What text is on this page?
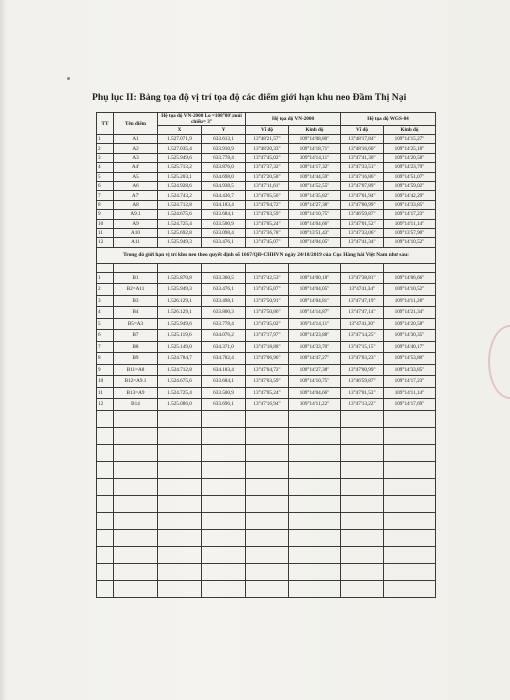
Phụ lục II: Bảng tọa độ vị trí tọa độ các điểm giới hạn khu neo Đầm Thị Nại
TT	Tên điểm	Hệ tọa độ VN-2000 Lo =108°00';múi chiếu= 3°		Hệ tọa độ VN-2000		Hệ tọa độ WGS-84	
		X	Y	Vĩ độ	Kinh độ	Vĩ độ	Kinh độ
1	A1	1.527.071,9	633.613,1	13°48'21,57"	109°14'08,80"	13°48'17,84"	109°14'15,27"
2	A2	1.527.035,4	633.910,9	13°48'20,33"	109°14'18,71"	13°48'16,60"	109°14'25,18"
3	A3	1.525.949,6	633.778,4	13°47'45,02"	109°14'14,11"	13°47'41,30"	109°14'20,58"
4	A4'	1.525.713,2	633.876,0	13°47'37,32"	109°14'17,32"	13°47'33,51"	109°14'23,79"
5	A5	1.525.203,1	634.698,0	13°47'20,58"	109°14'44,59"	13°47'16,86"	109°14'51,07"
6	A6	1.524.928,6	634.938,5	13°47'11,61"	109°14'52,55"	13°47'07,89"	109°14'59,02"
7	A7'	1.524.743,2	634.436,7	13°47'05,56"	109°14'35,82"	13°47'01,94"	109°14'42,29"
8	A8	1.524.712,8	634.183,4	13°47'04,72"	109°14'27,38"	13°47'00,99"	109°14'33,85"
9	A9.1	1.524.675,6	633.684,1	13°47'03,59"	109°14'10,75"	13°46'59,87"	109°14'17,23"
10	A9	1.524.725,4	633.500,9	13°47'05,24"	109°14'04,66"	13°47'01,52"	109°14'11,14"
11	A10	1.525.692,8	633.098,4	13°47'36,78"	109°13'51,43"	13°47'33,06"	109°13'57,90"
12	A11	1.525.949,3	633.476,1	13°47'45,07"	109°14'04,05"	13°47'41,34"	109°14'10,52"
Trong đó giới hạn vị trí khu neo theo quyết định số 1667/QĐ-CHHVN ngày 24/10/2019 của Cục Hàng hải Việt Nam như sau:							

1	B1	1.525.870,8	633.360,5	13°47'42,53"	109°14'00,18"	13°47'38,81"	109°14'06,66"
2	B2=A11	1.525.949,3	633.476,1	13°47'45,07"	109°14'04,05"	13°4741,34"	109°14'10,52"
3	B3	1.526.129,1	633.498,1	13°47'50,91"	109°14'04,81"	13°47'47,19"	109°14'11,28"
4	B4	1.526.129,1	633.800,3	13°47'50,86"	109°14'14,87"	13°47'47,14"	109°14'21,34"
5	B5=A3	1.525.949,6	633.778,4	13°47'45,02"	109°14'14,11"	13°4741,30"	109°14'20,58"
6	B7	1.525.119,6	634.076,2	13°47'17,97"	109°14'23,88"	13°47'14,25"	109°14'30,35"
7	B8	1.525.149,0	634.371,0	13°47'18,88"	109°14'33,70"	13°47'15,15"	109°14'40,17"
8	B9	1.524.784,7	634.782,4	13°47'06,96"	109°14'47,27"	13°47'03,23"	109°14'53,80"
9	B11=A8	1.524.712,8	634.183,4	13°47'04,72"	109°14'27,38"	13°47'00,99"	109°14'33,85"
10	B12=A9.1	1.524.675,6	633.684,1	13°47'03,59"	109°14'10,75"	13°46'59,87"	109°14'17,23"
11	B13=A9	1.524.725,4	633.500,9	13°47'05,24"	109°14'04,66"	13°47'01,52"	109°14'11,14"
12	B14	1.525.086,0	633.696,1	13°47'16,94"	109°14'11,22"	13°47'13,22"	109°14'17,69"
